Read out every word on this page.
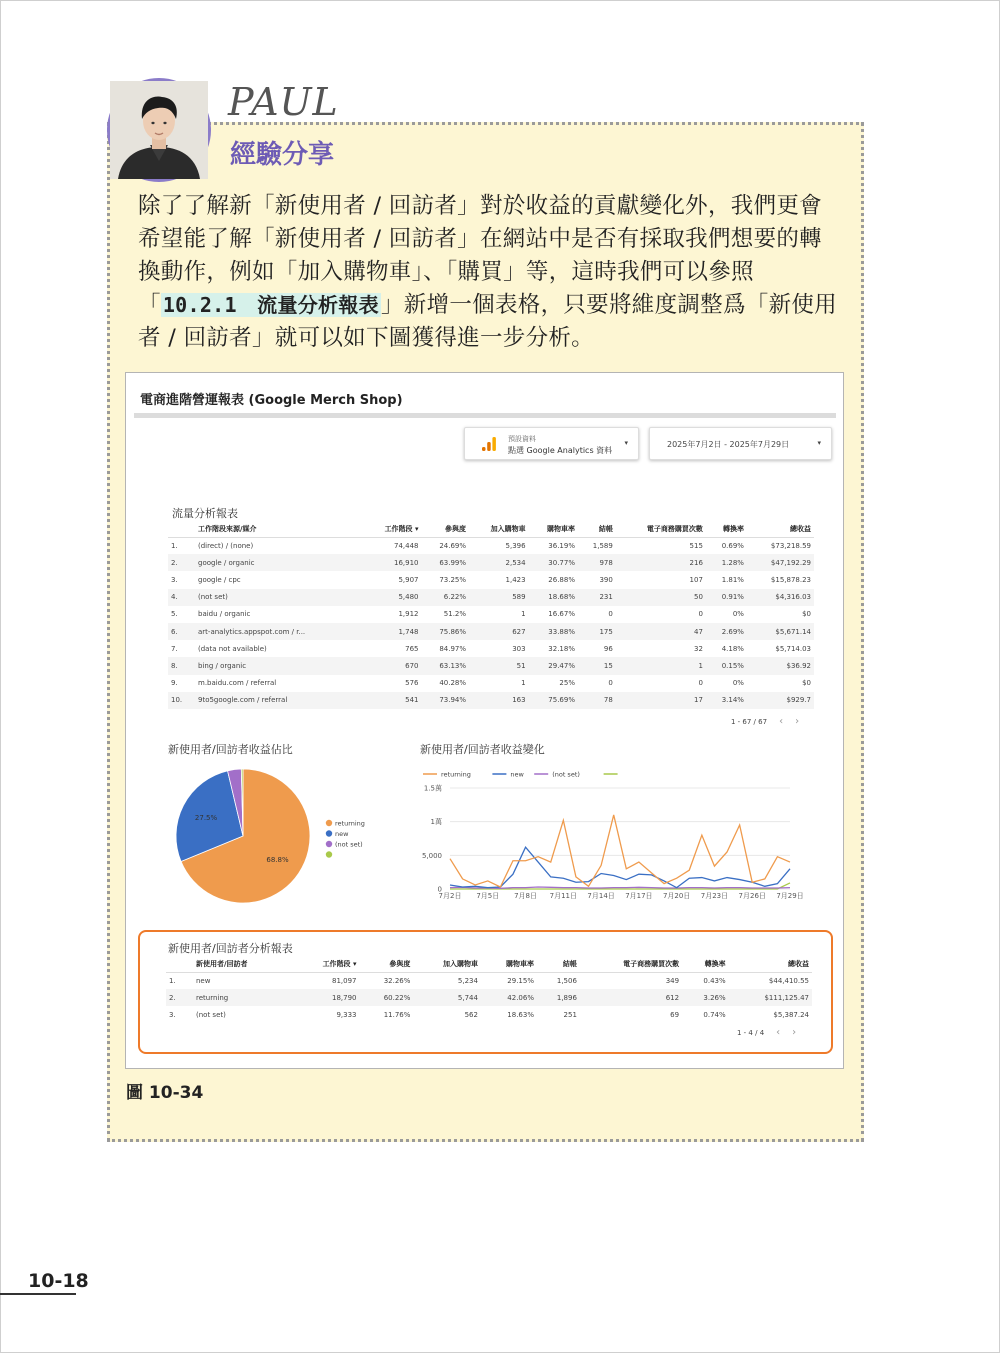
PAUL
經驗分享
除了了解新「新使用者 / 回訪者」對於收益的貢獻變化外，我們更會希望能了解「新使用者 / 回訪者」在網站中是否有採取我們想要的轉換動作，例如「加入購物車」、「購買」等，這時我們可以參照「 10.2.1　流量分析報表」新增一個表格，只要將維度調整爲「新使用者 / 回訪者」就可以如下圖獲得進一步分析。
電商進階營運報表 (Google Merch Shop)
預設資料
點選 Google Analytics 資料
▾	2025年7月2日 - 2025年7月29日	▾
流量分析報表
	工作階段來源/媒介	工作階段 ▾	參與度	加入購物車	購物車率	結帳	電子商務購買次數	轉換率	總收益
1.	(direct) / (none)	74,448	24.69%	5,396	36.19%	1,589	515	0.69%	$73,218.59
2.	google / organic	16,910	63.99%	2,534	30.77%	978	216	1.28%	$47,192.29
3.	google / cpc	5,907	73.25%	1,423	26.88%	390	107	1.81%	$15,878.23
4.	(not set)	5,480	6.22%	589	18.68%	231	50	0.91%	$4,316.03
5.	baidu / organic	1,912	51.2%	1	16.67%	0	0	0%	$0
6.	art-analytics.appspot.com / r...	1,748	75.86%	627	33.88%	175	47	2.69%	$5,671.14
7.	(data not available)	765	84.97%	303	32.18%	96	32	4.18%	$5,714.03
8.	bing / organic	670	63.13%	51	29.47%	15	1	0.15%	$36.92
9.	m.baidu.com / referral	576	40.28%	1	25%	0	0	0%	$0
10.	9to5google.com / referral	541	73.94%	163	75.69%	78	17	3.14%	$929.7
1 - 67 / 67 ‹ ›
新使用者/回訪者收益佔比
68.8%
27.5%
returning
new
(not set)
新使用者/回訪者收益變化
0
5,000
1萬
1.5萬
7月2日 7月5日 7月8日 7月11日 7月14日 7月17日 7月20日 7月23日 7月26日 7月29日
returning	new	(not set)
新使用者/回訪者分析報表
	新使用者/回訪者	工作階段 ▾	參與度	加入購物車	購物車率	結帳	電子商務購買次數	轉換率	總收益
1.	new	81,097	32.26%	5,234	29.15%	1,506	349	0.43%	$44,410.55
2.	returning	18,790	60.22%	5,744	42.06%	1,896	612	3.26%	$111,125.47
3.	(not set)	9,333	11.76%	562	18.63%	251	69	0.74%	$5,387.24
1 - 4 / 4 ‹ ›
圖 10-34
10-18
